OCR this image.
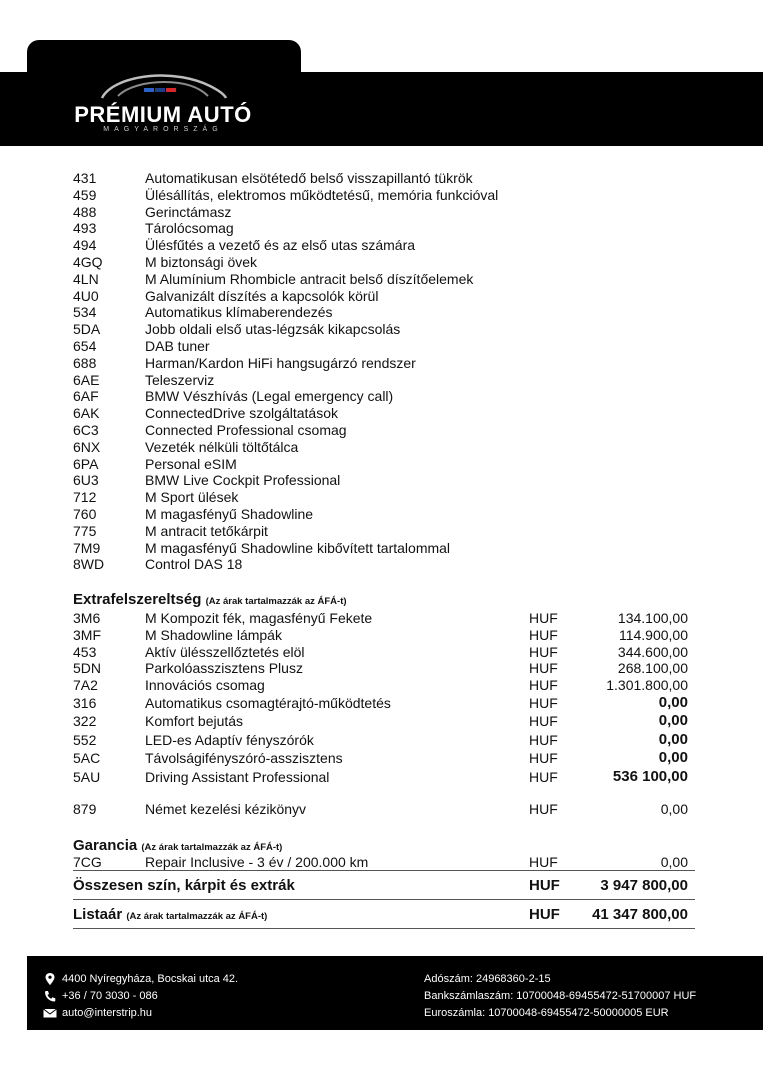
PRÉMIUM AUTÓ
MAGYARORSZÁG
431	Automatikusan elsötétedő belső visszapillantó tükrök
459	Ülésállítás, elektromos működtetésű, memória funkcióval
488	Gerinctámasz
493	Tárolócsomag
494	Ülésfűtés a vezető és az első utas számára
4GQ	M biztonsági övek
4LN	M Alumínium Rhombicle antracit belső díszítőelemek
4U0	Galvanizált díszítés a kapcsolók körül
534	Automatikus klímaberendezés
5DA	Jobb oldali első utas-légzsák kikapcsolás
654	DAB tuner
688	Harman/Kardon HiFi hangsugárzó rendszer
6AE	Teleszerviz
6AF	BMW Vészhívás (Legal emergency call)
6AK	ConnectedDrive szolgáltatások
6C3	Connected Professional csomag
6NX	Vezeték nélküli töltőtálca
6PA	Personal eSIM
6U3	BMW Live Cockpit Professional
712	M Sport ülések
760	M magasfényű Shadowline
775	M antracit tetőkárpit
7M9	M magasfényű Shadowline kibővített tartalommal
8WD	Control DAS 18
Extrafelszereltség (Az árak tartalmazzák az ÁFÁ-t)
3M6	M Kompozit fék, magasfényű Fekete	HUF	134.100,00
3MF	M Shadowline lámpák	HUF	114.900,00
453	Aktív ülésszellőztetés elöl	HUF	344.600,00
5DN	Parkolóasszisztens Plusz	HUF	268.100,00
7A2	Innovációs csomag	HUF	1.301.800,00
316	Automatikus csomagtérajtó-működtetés	HUF	0,00
322	Komfort bejutás	HUF	0,00
552	LED-es Adaptív fényszórók	HUF	0,00
5AC	Távolságifényszóró-asszisztens	HUF	0,00
5AU	Driving Assistant Professional	HUF	536 100,00
879	Német kezelési kézikönyv	HUF	0,00
Garancia (Az árak tartalmazzák az ÁFÁ-t)
7CG	Repair Inclusive - 3 év / 200.000 km	HUF	0,00
Összesen szín, kárpit és extrák	HUF	3 947 800,00
Listaár (Az árak tartalmazzák az ÁFÁ-t)	HUF	41 347 800,00
4400 Nyíregyháza, Bocskai utca 42.
+36 / 70 3030 - 086
auto@interstrip.hu
Adószám: 24968360-2-15
Bankszámlaszám: 10700048-69455472-51700007 HUF
Euroszámla: 10700048-69455472-50000005 EUR
